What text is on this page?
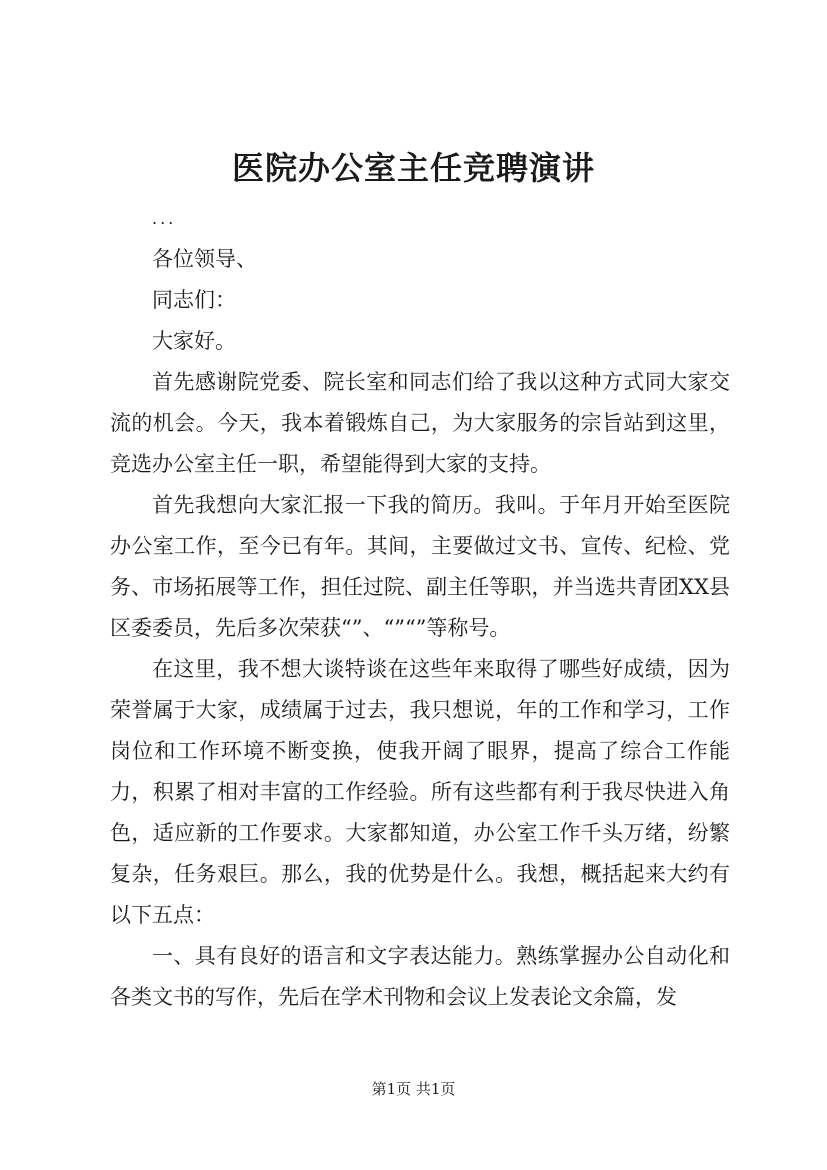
医院办公室主任竞聘演讲

...

各位领导、

同志们：

大家好。

首先感谢院党委、院长室和同志们给了我以这种方式同大家交流的机会。今天，我本着锻炼自己，为大家服务的宗旨站到这里，竞选办公室主任一职，希望能得到大家的支持。

首先我想向大家汇报一下我的简历。我叫。于年月开始至医院办公室工作，至今已有年。其间，主要做过文书、宣传、纪检、党务、市场拓展等工作，担任过院、副主任等职，并当选共青团XX县区委委员，先后多次荣获“”、“”“”等称号。

在这里，我不想大谈特谈在这些年来取得了哪些好成绩，因为荣誉属于大家，成绩属于过去，我只想说，年的工作和学习，工作岗位和工作环境不断变换，使我开阔了眼界，提高了综合工作能力，积累了相对丰富的工作经验。所有这些都有利于我尽快进入角色，适应新的工作要求。大家都知道，办公室工作千头万绪，纷繁复杂，任务艰巨。那么，我的优势是什么。我想，概括起来大约有以下五点：

一、具有良好的语言和文字表达能力。熟练掌握办公自动化和各类文书的写作，先后在学术刊物和会议上发表论文余篇，发

第1页 共1页
